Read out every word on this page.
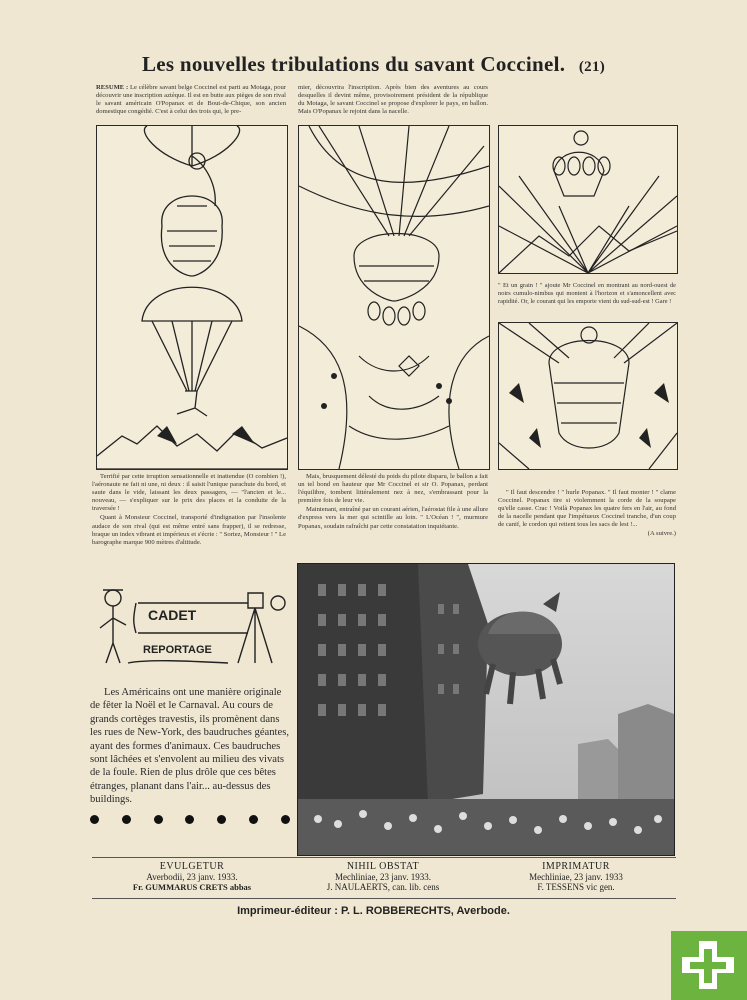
Les nouvelles tribulations du savant Coccinel. (21)

RESUME : Le célèbre savant belge Coccinel est parti au Motaga, pour découvrir une inscription aztèque. Il est en butte aux pièges de son rival le savant américain O'Popanax et de Bout-de-Chique, son ancien domestique congédié. C'est à celui des trois qui, le pre-

mier, découvrira l'inscription. Après bien des aventures au cours desquelles il devint même, provisoirement président de la république du Motaga, le savant Coccinel se propose d'explorer le pays, en ballon. Mais O'Popanax le rejoint dans la nacelle.

" Et un grain ! " ajoute Mr Coccinel en montrant au nord-ouest de noirs cumulo-nimbus qui montent à l'horizon et s'amoncellent avec rapidité. Or, le courant qui les emporte vient du sud-sud-est ! Gare !

Terrifié par cette irruption sensationnelle et inattendue (O combien !), l'aéronaute ne fait ni une, ni deux : il saisit l'unique parachute du bord, et saute dans le vide, laissant les deux passagers, — "l'ancien et le... nouveau, — s'expliquer sur le prix des places et la conduite de la traversée !

Quant à Monsieur Coccinel, transporté d'indignation par l'insolente audace de son rival (qui est même entré sans frapper), il se redresse, braque un index vibrant et impérieux et s'écrie : " Sortez, Monsieur ! " Le barographe marque 900 mètres d'altitude.

Mais, brusquement délesté du poids du pilote disparu, le ballon a fait un tel bond en hauteur que Mr Coccinel et sir O. Popanax, perdant l'équilibre, tombent littéralement nez à nez, s'embrassant pour la première fois de leur vie.

Maintenant, entraîné par un courant aérien, l'aérostat file à une allure d'express vers la mer qui scintille au loin. " L'Océan ! ", murmure Popanax, soudain rafraîchi par cette constatation inquiétante.

" Il faut descendre ! " hurle Popanax. " Il faut monter ! " clame Coccinel. Popanax tire si violemment la corde de la soupape qu'elle casse. Crac ! Voilà Popanax les quatre fers en l'air, au fond de la nacelle pendant que l'impétueux Coccinel tranche, d'un coup de canif, le cordon qui retient tous les sacs de lest !...

(A suivre.)

CADET
REPORTAGE

Les Américains ont une manière originale de fêter la Noël et le Carnaval. Au cours de grands cortèges travestis, ils promènent dans les rues de New-York, des baudruches géantes, ayant des formes d'animaux. Ces baudruches sont lâchées et s'envolent au milieu des vivats de la foule. Rien de plus drôle que ces bêtes étranges, planant dans l'air... au-dessus des buildings.

EVULGETUR
Averbodii, 23 janv. 1933.
Fr. GUMMARUS CRETS abbas
NIHIL OBSTAT
Mechliniae, 23 janv. 1933.
J. NAULAERTS, can. lib. cens
IMPRIMATUR
Mechliniae, 23 janv. 1933
F. TESSENS vic gen.
Imprimeur-éditeur : P. L. ROBBERECHTS, Averbode.
